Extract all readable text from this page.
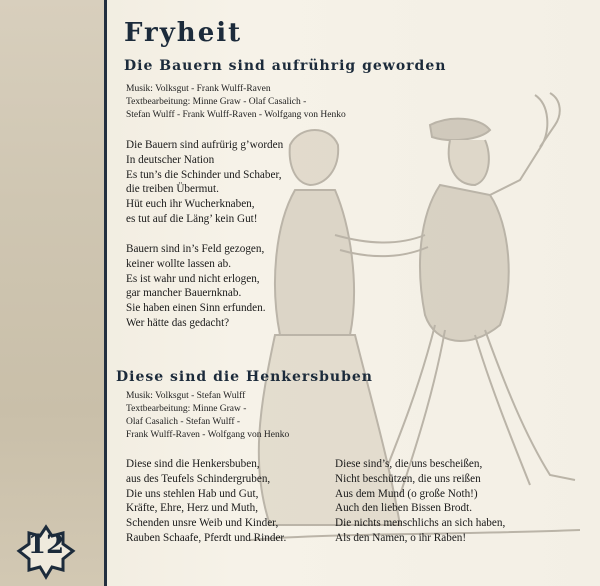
12
Fryheit
Die Bauern sind aufrührig geworden
Musik: Volksgut - Frank Wulff-Raven
Textbearbeitung: Minne Graw - Olaf Casalich -
Stefan Wulff - Frank Wulff-Raven - Wolfgang von Henko
Die Bauern sind aufrürig g’worden
In deutscher Nation
Es tun’s die Schinder und Schaber,
die treiben Übermut.
Hüt euch ihr Wucherknaben,
es tut auf die Läng’ kein Gut!
Bauern sind in’s Feld gezogen,
keiner wollte lassen ab.
Es ist wahr und nicht erlogen,
gar mancher Bauernknab.
Sie haben einen Sinn erfunden.
Wer hätte das gedacht?
Diese sind die Henkersbuben
Musik: Volksgut - Stefan Wulff
Textbearbeitung: Minne Graw -
Olaf Casalich - Stefan Wulff -
Frank Wulff-Raven - Wolfgang von Henko
Diese sind die Henkersbuben,
aus des Teufels Schindergruben,
Die uns stehlen Hab und Gut,
Kräfte, Ehre, Herz und Muth,
Schenden unsre Weib und Kinder,
Rauben Schaafe, Pferdt und Rinder.
Diese sind’s, die uns bescheißen,
Nicht beschützen, die uns reißen
Aus dem Mund (o große Noth!)
Auch den lieben Bissen Brodt.
Die nichts menschlichs an sich haben,
Als den Namen, o ihr Raben!
